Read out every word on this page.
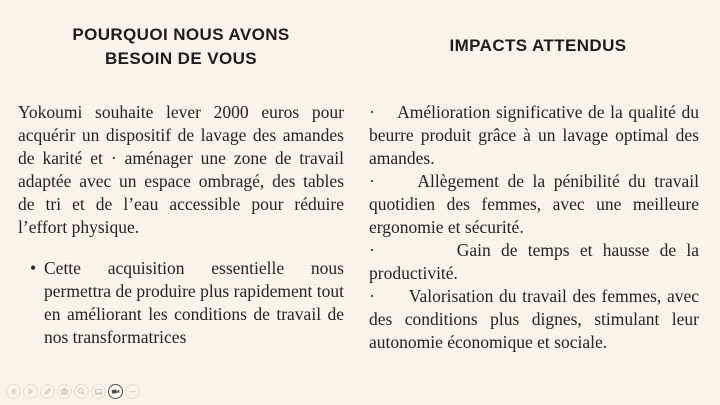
POURQUOI NOUS AVONS
BESOIN DE VOUS
IMPACTS ATTENDUS
Yokoumi souhaite lever 2000 euros pour acquérir un dispositif de lavage des amandes de karité et · aménager une zone de travail adaptée avec un espace ombragé, des tables de tri et de l’eau accessible pour réduire l’effort physique.
• Cette acquisition essentielle nous permettra de produire plus rapidement tout en améliorant les conditions de travail de nos transformatrices

·    Amélioration significative de la qualité du beurre produit grâce à un lavage optimal des amandes.

·     Allègement de la pénibilité du travail quotidien des femmes, avec une meilleure ergonomie et sécurité.

·        Gain de temps et hausse de la productivité.

·      Valorisation du travail des femmes, avec des conditions plus dignes, stimulant leur autonomie économique et sociale.
